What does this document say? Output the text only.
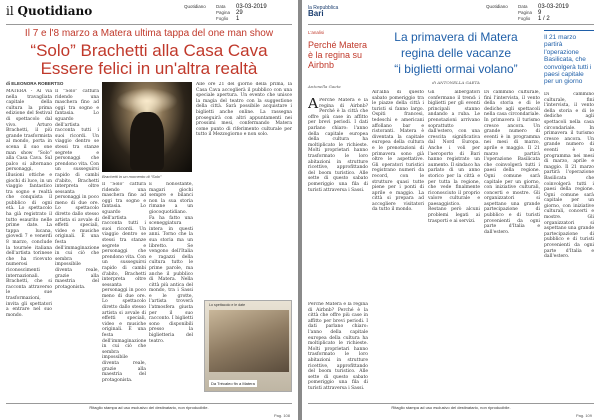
il Quotidiano	Quotidiano Data 03-03-2019
Pagina 29
Foglio 1
Il 7 e l'8 marzo a Matera ultima tappa del one man show
“Solo” Brachetti alla Casa Cava
Essere felici in un'altra realtà
di ELEONORA ROBERTSO
MATERA - Al via nella travagliata capitale della cultura la prima edizione del festival di spettacolo dal vivo. Arturo Brachetti, il più grande trasformista al mondo, porta in scena il suo one man show “Solo” alla Casa Cava. Sul palco si alternano personaggi, illusioni ottiche e giochi di luce, in un viaggio fantastico tra sogno e realtà che conquista il pubblico di ogni età. Lo spettacolo ha già registrato il tutto esaurito nelle prime date. La tappa lucana, giovedì 7 e venerdì 8 marzo, conclude la tournée italiana dell'artista torinese che ha ricevuto numerosi riconoscimenti internazionali. Brachetti, che si racconta attraverso le sue trasformazioni, invita gli spettatori a entrare nel suo mondo.
Il “Solo” cattura ridendo una maschera fino ad oggi tra sogno e fantasia. Lo sguardo dell'artista racconta tutti i suoi ricordi. Un viaggio dentro se stessi tra stanze segrete e personaggi che prendono vita. Con un susseguirsi rapido di cambi d'abito, Brachetti interpreta oltre sessanta personaggi in poco meno di due ore. Lo spettacolo diretto dallo stesso artista si avvale di effetti speciali, video e musiche originali. È una festa dell'immaginazione in cui ciò che sembra impossibile diventa reale, grazie alla maestria del protagonista.
Brachetti in un momento di “Solo”
Il “Solo” cattura ridendo una maschera fino ad oggi tra sogno e fantasia. Lo sguardo dell'artista racconta tutti i suoi ricordi. Un viaggio dentro se stessi tra stanze segrete e personaggi che prendono vita. Con un susseguirsi rapido di cambi d'abito, Brachetti interpreta oltre sessanta personaggi in poco meno di due ore. Lo spettacolo diretto dallo stesso artista si avvale di effetti speciali, video e musiche originali. È una festa dell'immaginazione in cui ciò che sembra impossibile diventa reale, grazie alla maestria del protagonista.
E nonostante, magari giochi sempre e bilanci non la sua storia rimane a un giocoquotidiano. Fa ha fatto una sceneggiatura intera in questi anni. Torno che la sua storia ma un libretto. Se vengono dell'Italia e ragazzi della cultura tutto le prime parole, ma anche il pubblico di Matera. Nella città più antica del mondo, tra i Sassi e le grotte, l'artista troverà l'atmosfera giusta per il suo racconto. I biglietti sono disponibili presso la biglietteria del teatro.
Alle ore 21 del giorno della prima, la Casa Cava accoglierà il pubblico con una speciale apertura. Un evento che unisce la magia del teatro con la suggestione della città. Sarà possibile acquistare i biglietti anche online. La rassegna proseguirà con altri appuntamenti nei prossimi mesi, confermando Matera come punto di riferimento culturale per tutto il Mezzogiorno e non solo.
Lo spettacolo e le date
Da Trécaleo fin a Matera
Ritaglio stampa ad uso esclusivo del destinatario, non riproducibile.
Pag. 108
la Repubblica
Bari
Quotidiano Data 03-03-2019
Pagina 9
Foglio 1 / 2
L'analisi
Perché Matera è la regina su Airbnb
Antonella Gaeta
A Perché Matera è la regina di Airbnb? Perché è la città che offre più case in affitto per brevi periodi. I dati parlano chiaro: l'anno della capitale europea della cultura ha moltiplicato le richieste. Molti proprietari hanno trasformato le loro abitazioni in strutture ricettive, approfittando del boom turistico. Alle sette di questo sabato pomeriggio una fila di turisti attraversa i Sassi.
Perché Matera è la regina di Airbnb? Perché è la città che offre più case in affitto per brevi periodi. I dati parlano chiaro: l'anno della capitale europea della cultura ha moltiplicato le richieste. Molti proprietari hanno trasformato le loro abitazioni in strutture ricettive, approfittando del boom turistico. Alle sette di questo sabato pomeriggio una fila di turisti attraversa i Sassi.
La primavera di Matera
regina delle vacanze
“i biglietti ormai volano”
di ANTONELLA GAETA
All'alba di questo sabato pomeriggio tra le piazze della città i turisti si fanno largo. Ospiti francesi, tedeschi e americani affollano bar e ristoranti. Matera è diventata la capitale europea della cultura e le prenotazioni di primavera sono già oltre le aspettative. Gli operatori turistici registrano numeri da record, con le strutture quasi tutte piene per i ponti di aprile e maggio. La città si prepara ad accogliere visitatori da tutto il mondo.
Gli albergatori confermano il trend: i biglietti per gli eventi principali stanno andando a ruba. Le prenotazioni arrivano soprattutto dall'estero, con una crescita significativa dal Nord Europa. Anche i voli per l'aeroporto di Bari hanno registrato un aumento. Il sindaco ha parlato di un anno storico per la città e per tutta la regione, che vede finalmente riconosciuto il proprio valore culturale e paesaggistico. Restano però alcuni problemi legati ai trasporti e ai servizi.
Di cammino culturale, fini l'intervista, il vento della storia e di le dediche agli spettacoli nella casa circondariale. In primavera il turismo cresce ancora. Un grande numero di eventi è in programma nei mesi di marzo, aprile e maggio. Il 21 marzo partirà l'operazione Basilicata che coinvolgerà tutti i paesi della regione. Ogni comune sarà capitale per un giorno, con iniziative culturali, concerti e mostre. Gli organizzatori si aspettano una grande partecipazione di pubblico e di turisti provenienti da ogni parte d'Italia e dall'estero.
Il 21 marzo partirà l'operazione Basilicata, che convolgerà tutti i paesi capitale per un giorno
Di cammino culturale, fini l'intervista, il vento della storia e di le dediche agli spettacoli nella casa circondariale. In primavera il turismo cresce ancora. Un grande numero di eventi è in programma nei mesi di marzo, aprile e maggio. Il 21 marzo partirà l'operazione Basilicata che coinvolgerà tutti i paesi della regione. Ogni comune sarà capitale per un giorno, con iniziative culturali, concerti e mostre. Gli organizzatori si aspettano una grande partecipazione di pubblico e di turisti provenienti da ogni parte d'Italia e dall'estero.
Ritaglio stampa ad uso esclusivo del destinatario, non riproducibile.
Pag. 109
